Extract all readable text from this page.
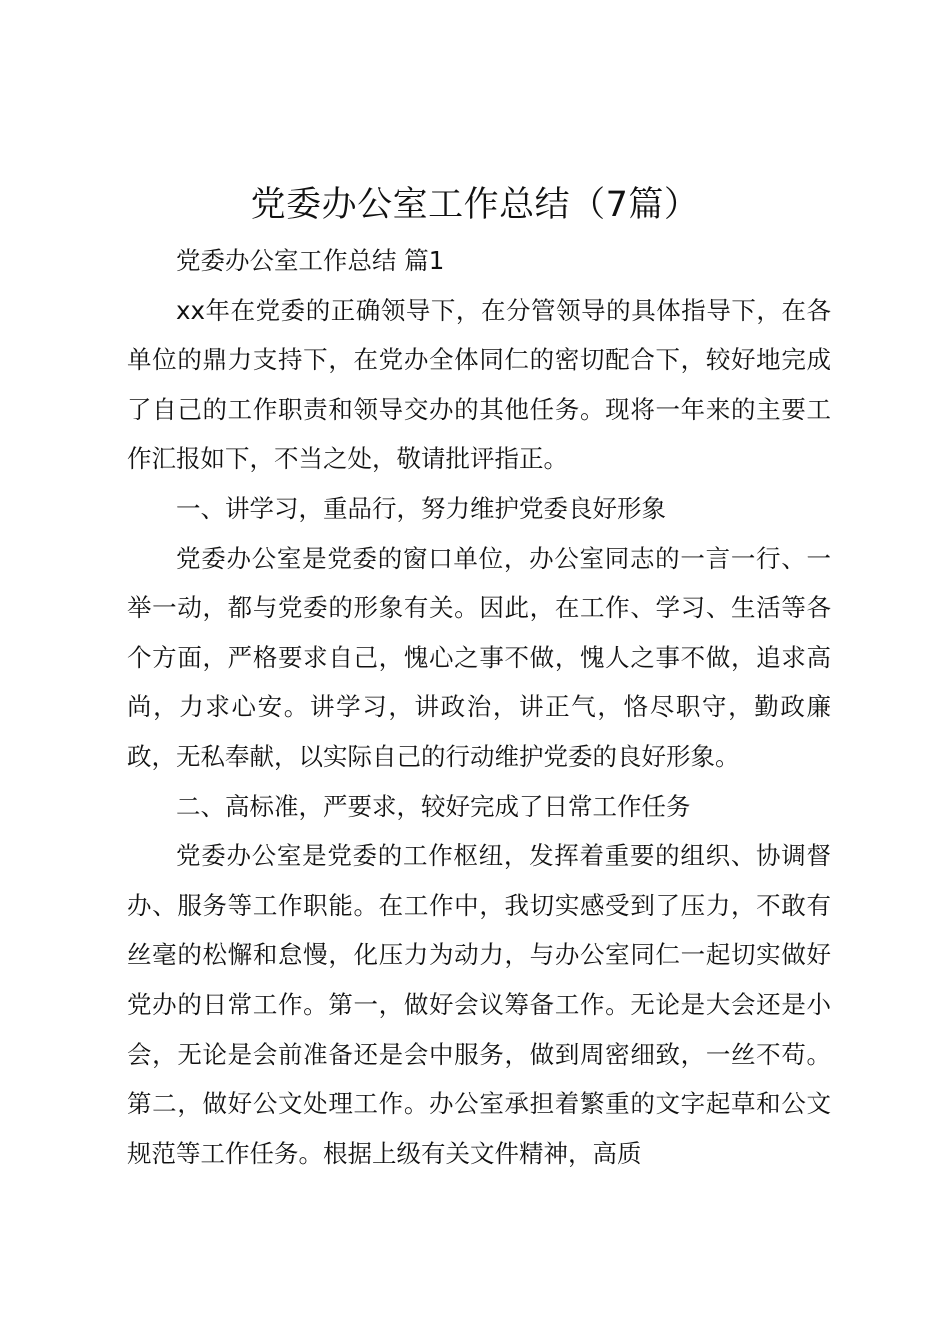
党委办公室工作总结（7篇）

党委办公室工作总结 篇1

xx年在党委的正确领导下，在分管领导的具体指导下，在各单位的鼎力支持下，在党办全体同仁的密切配合下，较好地完成了自己的工作职责和领导交办的其他任务。现将一年来的主要工作汇报如下，不当之处，敬请批评指正。

一、讲学习，重品行，努力维护党委良好形象

党委办公室是党委的窗口单位，办公室同志的一言一行、一举一动，都与党委的形象有关。因此，在工作、学习、生活等各个方面，严格要求自己，愧心之事不做，愧人之事不做，追求高尚，力求心安。讲学习，讲政治，讲正气，恪尽职守，勤政廉政，无私奉献，以实际自己的行动维护党委的良好形象。

二、高标准，严要求，较好完成了日常工作任务

党委办公室是党委的工作枢纽，发挥着重要的组织、协调督办、服务等工作职能。在工作中，我切实感受到了压力，不敢有丝毫的松懈和怠慢，化压力为动力，与办公室同仁一起切实做好党办的日常工作。第一，做好会议筹备工作。无论是大会还是小会，无论是会前准备还是会中服务，做到周密细致，一丝不苟。第二，做好公文处理工作。办公室承担着繁重的文字起草和公文规范等工作任务。根据上级有关文件精神，高质
